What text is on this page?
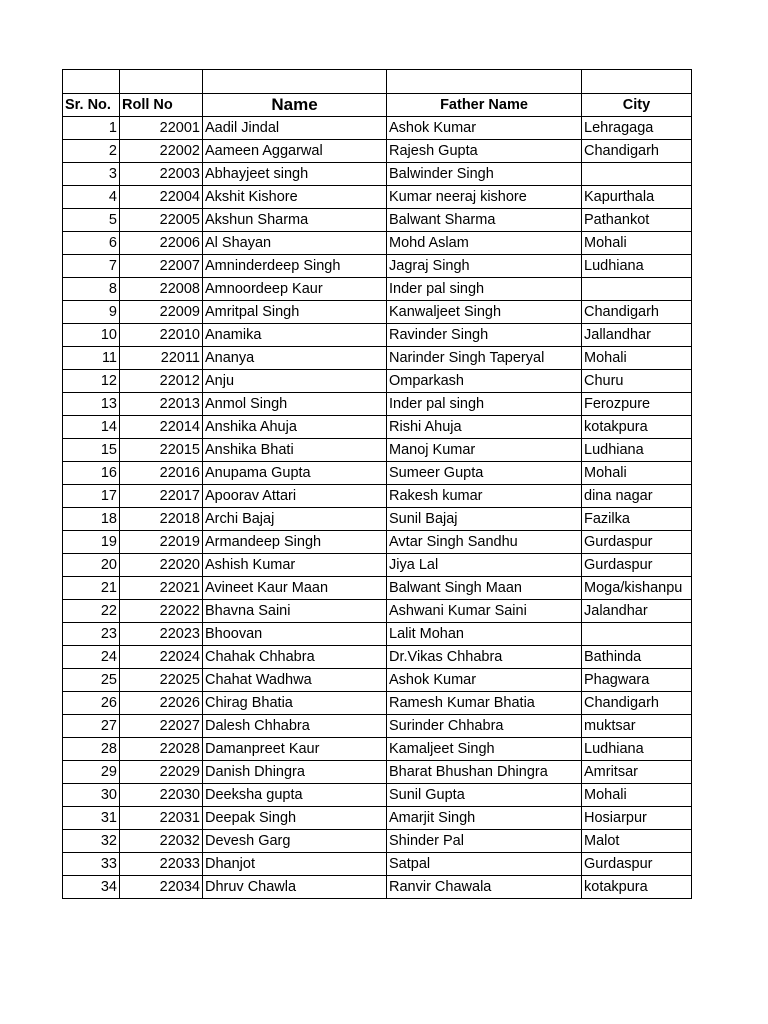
Sr. No.	Roll No	Name	Father Name	City
1	22001	Aadil Jindal	Ashok Kumar	Lehragaga
2	22002	Aameen Aggarwal	Rajesh Gupta	Chandigarh
3	22003	Abhayjeet singh	Balwinder Singh	
4	22004	Akshit Kishore	Kumar neeraj kishore	Kapurthala
5	22005	Akshun Sharma	Balwant Sharma	Pathankot
6	22006	Al Shayan	Mohd Aslam	Mohali
7	22007	Amninderdeep Singh	Jagraj Singh	Ludhiana
8	22008	Amnoordeep Kaur	Inder pal singh	
9	22009	Amritpal Singh	Kanwaljeet Singh	Chandigarh
10	22010	Anamika	Ravinder Singh	Jallandhar
11	22011	Ananya	Narinder Singh Taperyal	Mohali
12	22012	Anju	Omparkash	Churu
13	22013	Anmol Singh	Inder pal singh	Ferozpure
14	22014	Anshika Ahuja	Rishi Ahuja	kotakpura
15	22015	Anshika Bhati	Manoj Kumar	Ludhiana
16	22016	Anupama Gupta	Sumeer Gupta	Mohali
17	22017	Apoorav Attari	Rakesh kumar	dina nagar
18	22018	Archi Bajaj	Sunil Bajaj	Fazilka
19	22019	Armandeep Singh	Avtar Singh Sandhu	Gurdaspur
20	22020	Ashish Kumar	Jiya Lal	Gurdaspur
21	22021	Avineet Kaur Maan	Balwant Singh Maan	Moga/kishanpu
22	22022	Bhavna Saini	Ashwani Kumar Saini	Jalandhar
23	22023	Bhoovan	Lalit Mohan	
24	22024	Chahak Chhabra	Dr.Vikas Chhabra	Bathinda
25	22025	Chahat Wadhwa	Ashok Kumar	Phagwara
26	22026	Chirag Bhatia	Ramesh Kumar Bhatia	Chandigarh
27	22027	Dalesh Chhabra	Surinder Chhabra	muktsar
28	22028	Damanpreet Kaur	Kamaljeet Singh	Ludhiana
29	22029	Danish Dhingra	Bharat Bhushan Dhingra	Amritsar
30	22030	Deeksha gupta	Sunil Gupta	Mohali
31	22031	Deepak Singh	Amarjit Singh	Hosiarpur
32	22032	Devesh Garg	Shinder Pal	Malot
33	22033	Dhanjot	Satpal	Gurdaspur
34	22034	Dhruv Chawla	Ranvir Chawala	kotakpura
